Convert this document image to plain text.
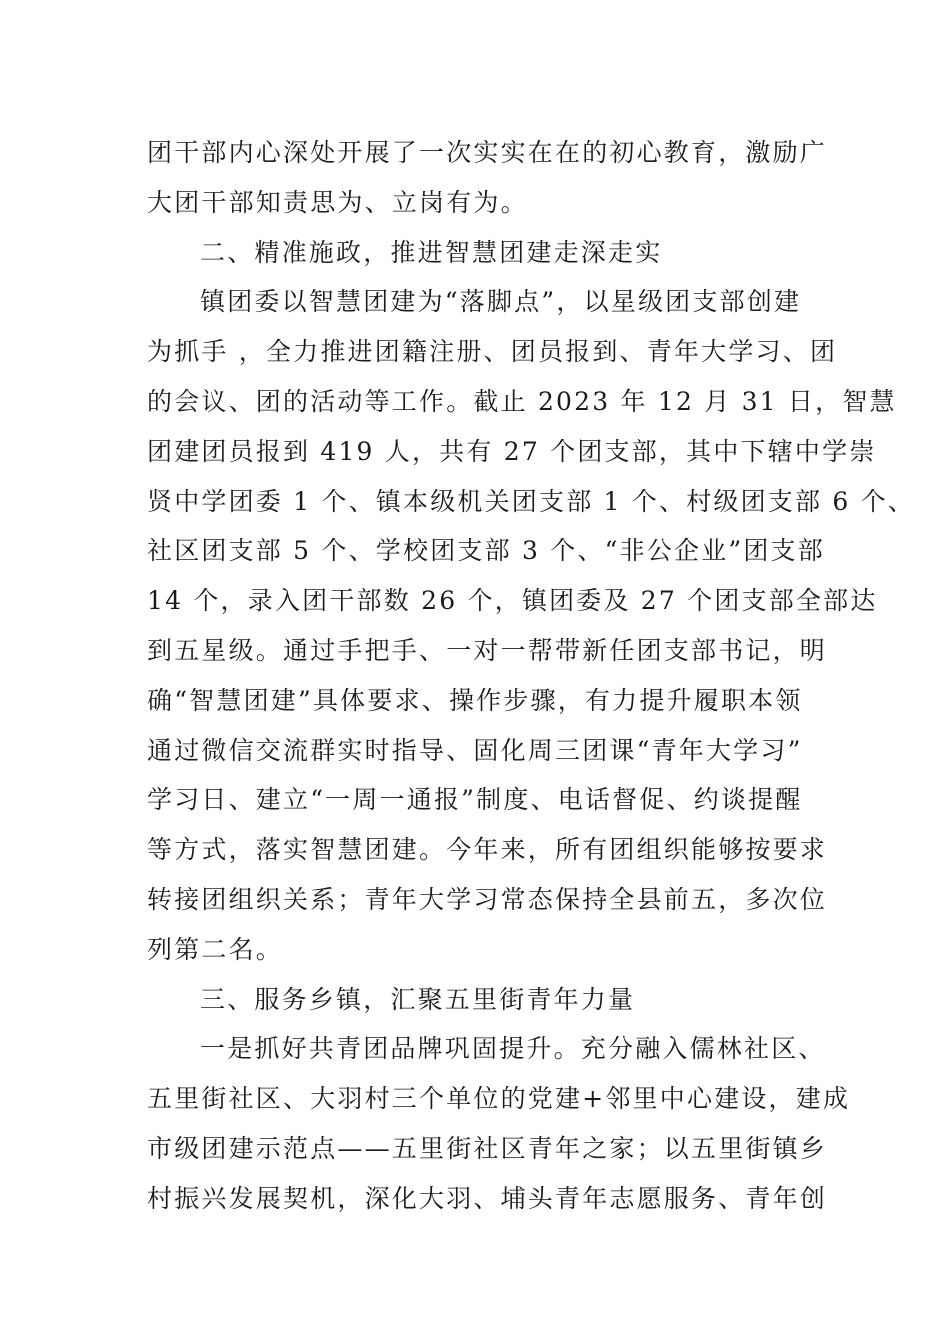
团干部内心深处开展了一次实实在在的初心教育，激励广
大团干部知责思为、立岗有为。
二、精准施政，推进智慧团建走深走实
镇团委以智慧团建为“落脚点”，以星级团支部创建
为抓手 ，全力推进团籍注册、团员报到、青年大学习、团
的会议、团的活动等工作。截止 2023 年 12 月 31 日，智慧
团建团员报到 419 人，共有 27 个团支部，其中下辖中学崇
贤中学团委 1 个、镇本级机关团支部 1 个、村级团支部 6 个、
社区团支部 5 个、学校团支部 3 个、“非公企业”团支部
14 个，录入团干部数 26 个，镇团委及 27 个团支部全部达
到五星级。通过手把手、一对一帮带新任团支部书记，明
确“智慧团建”具体要求、操作步骤，有力提升履职本领
通过微信交流群实时指导、固化周三团课“青年大学习”
学习日、建立“一周一通报”制度、电话督促、约谈提醒
等方式，落实智慧团建。今年来，所有团组织能够按要求
转接团组织关系；青年大学习常态保持全县前五，多次位
列第二名。
三、服务乡镇，汇聚五里街青年力量
一是抓好共青团品牌巩固提升。充分融入儒林社区、
五里街社区、大羽村三个单位的党建+邻里中心建设，建成
市级团建示范点——五里街社区青年之家；以五里街镇乡
村振兴发展契机，深化大羽、埔头青年志愿服务、青年创
